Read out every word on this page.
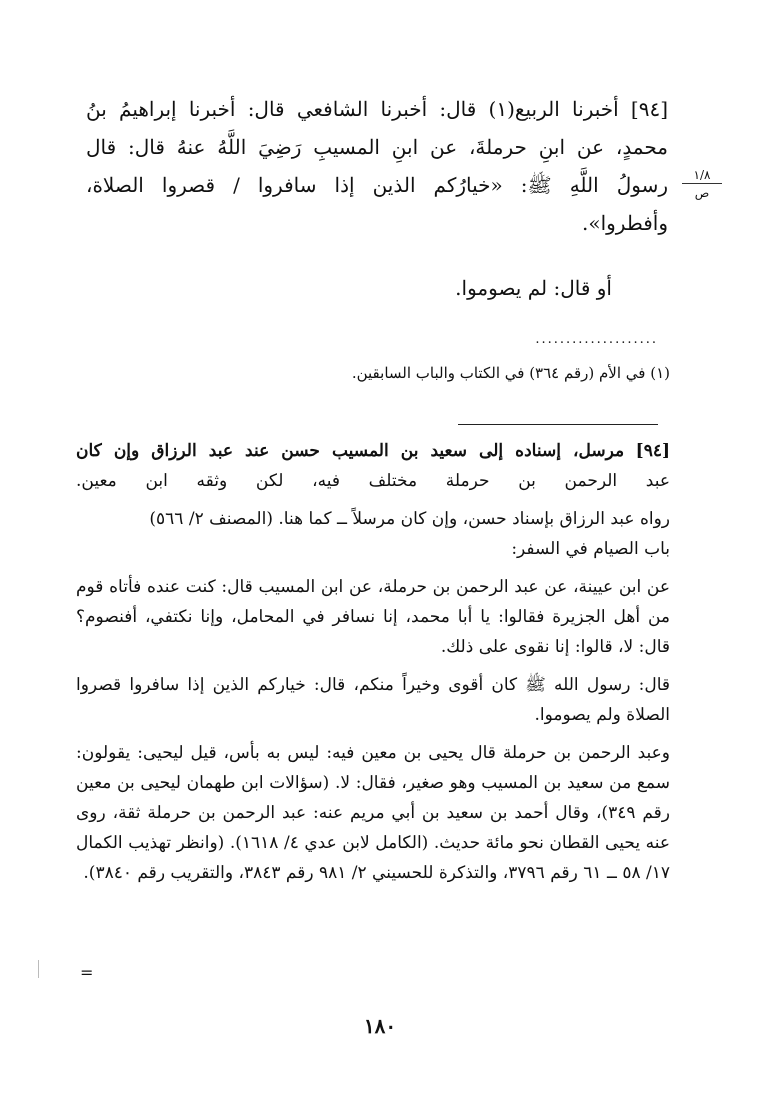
[٩٤] أخبرنا الربيع(١) قال: أخبرنا الشافعي قال: أخبرنا إبراهيمُ بنُ
محمدٍ، عن ابنِ حرملةَ، عن ابنِ المسيبِ رَضِيَ اللَّهُ عنهُ قال: قال
رسولُ اللَّهِ ﷺ: «خيارُكم الذين إذا سافروا / قصروا الصلاة،
وأفطروا».
١/٨
ص
أو قال: لم يصوموا.
....................
(١) في الأم (رقم ٣٦٤) في الكتاب والباب السابقين.

[٩٤] مرسل، إسناده إلى سعيد بن المسيب حسن عند عبد الرزاق وإن كان
عبد الرحمن بن حرملة مختلف فيه، لكن وثقه ابن معين.

رواه عبد الرزاق بإسناد حسن، وإن كان مرسلاً ــ كما هنا. (المصنف ٢/ ٥٦٦)
باب الصيام في السفر:

عن ابن عيينة، عن عبد الرحمن بن حرملة، عن ابن المسيب قال: كنت عنده فأتاه قوم من أهل الجزيرة فقالوا: يا أبا محمد، إنا نسافر في المحامل، وإنا نكتفي، أفنصوم؟ قال: لا، قالوا: إنا نقوى على ذلك.

قال: رسول الله ﷺ كان أقوى وخيراً منكم، قال: خياركم الذين إذا سافروا قصروا الصلاة ولم يصوموا.

وعبد الرحمن بن حرملة قال يحيى بن معين فيه: ليس به بأس، قيل ليحيى: يقولون: سمع من سعيد بن المسيب وهو صغير، فقال: لا. (سؤالات ابن طهمان ليحيى بن معين رقم ٣٤٩)، وقال أحمد بن سعيد بن أبي مريم عنه: عبد الرحمن بن حرملة ثقة، روى عنه يحيى القطان نحو مائة حديث. (الكامل لابن عدي ٤/ ١٦١٨). (وانظر تهذيب الكمال ١٧/ ٥٨ ــ ٦١ رقم ٣٧٩٦، والتذكرة للحسيني ٢/ ٩٨١ رقم ٣٨٤٣، والتقريب رقم ٣٨٤٠).

=
١٨٠
